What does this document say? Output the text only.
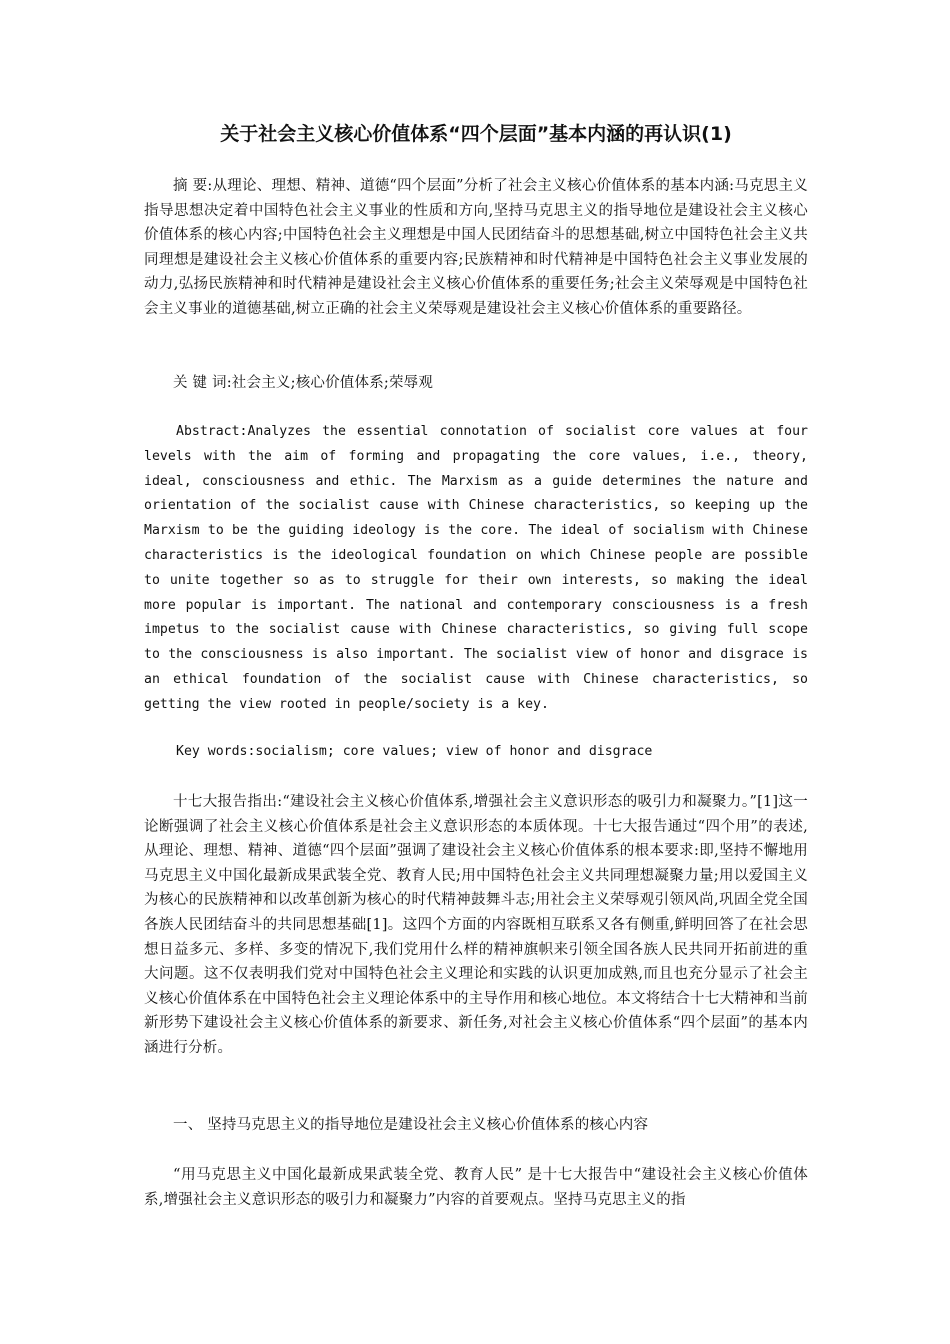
关于社会主义核心价值体系“四个层面”基本内涵的再认识(1)

摘 要:从理论、理想、精神、道德“四个层面”分析了社会主义核心价值体系的基本内涵:马克思主义指导思想决定着中国特色社会主义事业的性质和方向,坚持马克思主义的指导地位是建设社会主义核心价值体系的核心内容;中国特色社会主义理想是中国人民团结奋斗的思想基础,树立中国特色社会主义共同理想是建设社会主义核心价值体系的重要内容;民族精神和时代精神是中国特色社会主义事业发展的动力,弘扬民族精神和时代精神是建设社会主义核心价值体系的重要任务;社会主义荣辱观是中国特色社会主义事业的道德基础,树立正确的社会主义荣辱观是建设社会主义核心价值体系的重要路径。

关 键 词:社会主义;核心价值体系;荣辱观

Abstract:Analyzes the essential connotation of socialist core values at four levels with the aim of forming and propagating the core values, i.e., theory, ideal, consciousness and ethic. The Marxism as a guide determines the nature and orientation of the socialist cause with Chinese characteristics, so keeping up the Marxism to be the guiding ideology is the core. The ideal of socialism with Chinese characteristics is the ideological foundation on which Chinese people are possible to unite together so as to struggle for their own interests, so making the ideal more popular is important. The national and contemporary consciousness is a fresh impetus to the socialist cause with Chinese characteristics, so giving full scope to the consciousness is also important. The socialist view of honor and disgrace is an ethical foundation of the socialist cause with Chinese characteristics, so getting the view rooted in people/society is a key.

Key words:socialism; core values; view of honor and disgrace

十七大报告指出:“建设社会主义核心价值体系,增强社会主义意识形态的吸引力和凝聚力。”[1]这一论断强调了社会主义核心价值体系是社会主义意识形态的本质体现。十七大报告通过“四个用”的表述, 从理论、理想、精神、道德“四个层面”强调了建设社会主义核心价值体系的根本要求:即,坚持不懈地用马克思主义中国化最新成果武装全党、教育人民;用中国特色社会主义共同理想凝聚力量;用以爱国主义为核心的民族精神和以改革创新为核心的时代精神鼓舞斗志;用社会主义荣辱观引领风尚,巩固全党全国各族人民团结奋斗的共同思想基础[1]。这四个方面的内容既相互联系又各有侧重,鲜明回答了在社会思想日益多元、多样、多变的情况下,我们党用什么样的精神旗帜来引领全国各族人民共同开拓前进的重大问题。这不仅表明我们党对中国特色社会主义理论和实践的认识更加成熟,而且也充分显示了社会主义核心价值体系在中国特色社会主义理论体系中的主导作用和核心地位。本文将结合十七大精神和当前新形势下建设社会主义核心价值体系的新要求、新任务,对社会主义核心价值体系“四个层面”的基本内涵进行分析。

一、 坚持马克思主义的指导地位是建设社会主义核心价值体系的核心内容

“用马克思主义中国化最新成果武装全党、教育人民” 是十七大报告中“建设社会主义核心价值体系,增强社会主义意识形态的吸引力和凝聚力”内容的首要观点。坚持马克思主义的指
